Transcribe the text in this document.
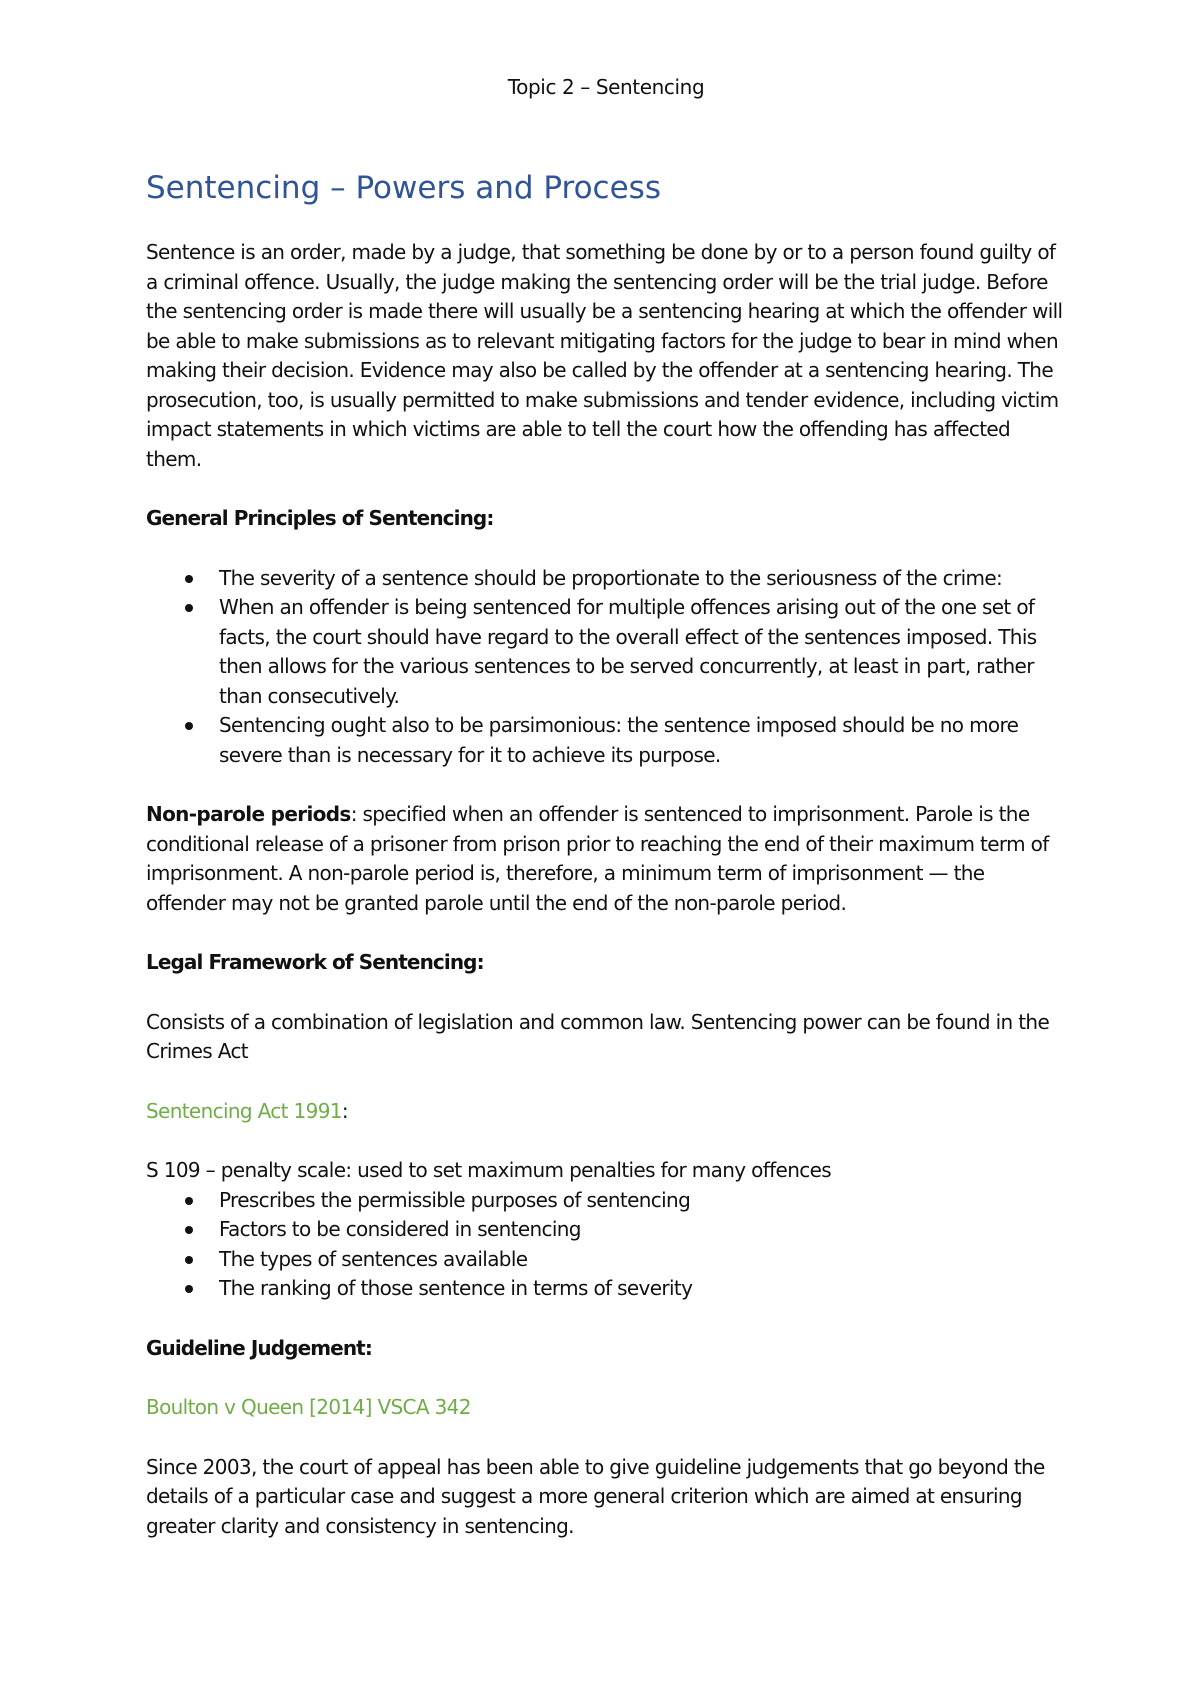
Topic 2 – Sentencing
Sentencing – Powers and Process

Sentence is an order, made by a judge, that something be done by or to a person found guilty of a criminal offence. Usually, the judge making the sentencing order will be the trial judge. Before the sentencing order is made there will usually be a sentencing hearing at which the offender will be able to make submissions as to relevant mitigating factors for the judge to bear in mind when making their decision. Evidence may also be called by the offender at a sentencing hearing. The prosecution, too, is usually permitted to make submissions and tender evidence, including victim impact statements in which victims are able to tell the court how the offending has affected them.

General Principles of Sentencing:

The severity of a sentence should be proportionate to the seriousness of the crime:
When an offender is being sentenced for multiple offences arising out of the one set of facts, the court should have regard to the overall effect of the sentences imposed. This then allows for the various sentences to be served concurrently, at least in part, rather than consecutively.
Sentencing ought also to be parsimonious: the sentence imposed should be no more severe than is necessary for it to achieve its purpose.

Non-parole periods: specified when an offender is sentenced to imprisonment. Parole is the conditional release of a prisoner from prison prior to reaching the end of their maximum term of imprisonment. A non-parole period is, therefore, a minimum term of imprisonment — the offender may not be granted parole until the end of the non-parole period.

Legal Framework of Sentencing:

Consists of a combination of legislation and common law. Sentencing power can be found in the Crimes Act

Sentencing Act 1991:

S 109 – penalty scale: used to set maximum penalties for many offences

Prescribes the permissible purposes of sentencing
Factors to be considered in sentencing
The types of sentences available
The ranking of those sentence in terms of severity

Guideline Judgement:

Boulton v Queen [2014] VSCA 342

Since 2003, the court of appeal has been able to give guideline judgements that go beyond the details of a particular case and suggest a more general criterion which are aimed at ensuring greater clarity and consistency in sentencing.
